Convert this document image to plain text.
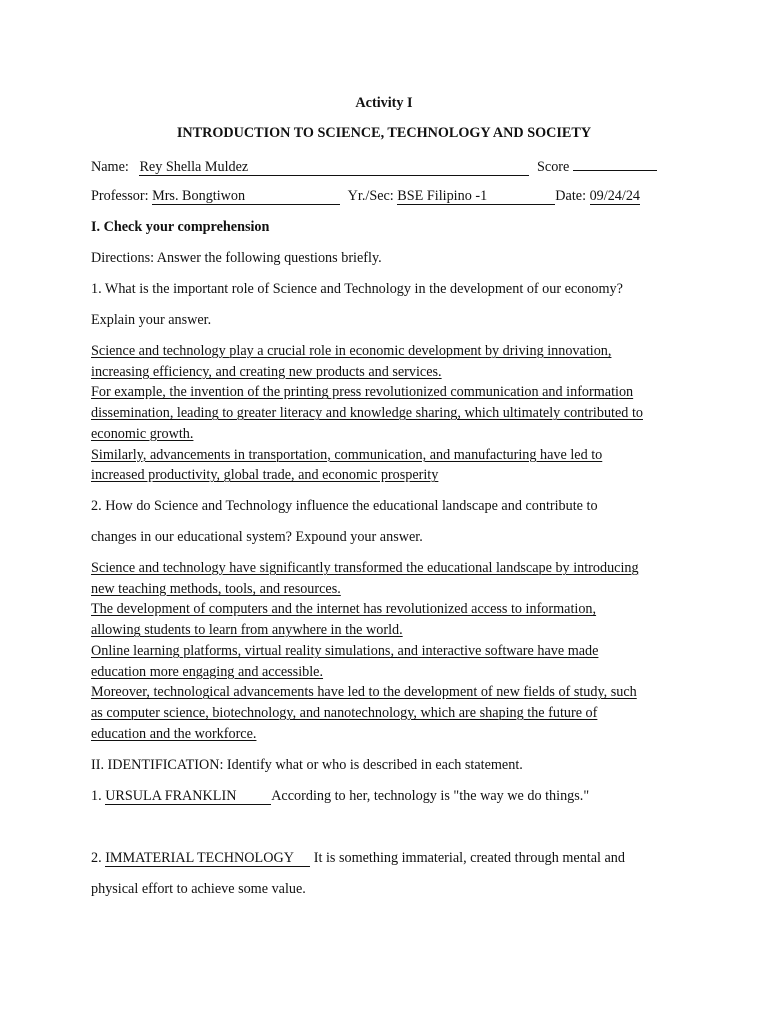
Activity I
INTRODUCTION TO SCIENCE, TECHNOLOGY AND SOCIETY
Name: Rey Shella Muldez	Score
Professor: Mrs. Bongtiwon	Yr./Sec: BSE Filipino -1	Date: 09/24/24
I. Check your comprehension
Directions: Answer the following questions briefly.
1. What is the important role of Science and Technology in the development of our economy?
Explain your answer.
Science and technology play a crucial role in economic development by driving innovation,
increasing efficiency, and creating new products and services.
For example, the invention of the printing press revolutionized communication and information
dissemination, leading to greater literacy and knowledge sharing, which ultimately contributed to
economic growth.
Similarly, advancements in transportation, communication, and manufacturing have led to
increased productivity, global trade, and economic prosperity
2. How do Science and Technology influence the educational landscape and contribute to
changes in our educational system? Expound your answer.
Science and technology have significantly transformed the educational landscape by introducing
new teaching methods, tools, and resources.
The development of computers and the internet has revolutionized access to information,
allowing students to learn from anywhere in the world.
Online learning platforms, virtual reality simulations, and interactive software have made
education more engaging and accessible.
Moreover, technological advancements have led to the development of new fields of study, such
as computer science, biotechnology, and nanotechnology, which are shaping the future of
education and the workforce.
II. IDENTIFICATION: Identify what or who is described in each statement.
1. URSULA FRANKLIN According to her, technology is "the way we do things."
2. IMMATERIAL TECHNOLOGY It is something immaterial, created through mental and
physical effort to achieve some value.
